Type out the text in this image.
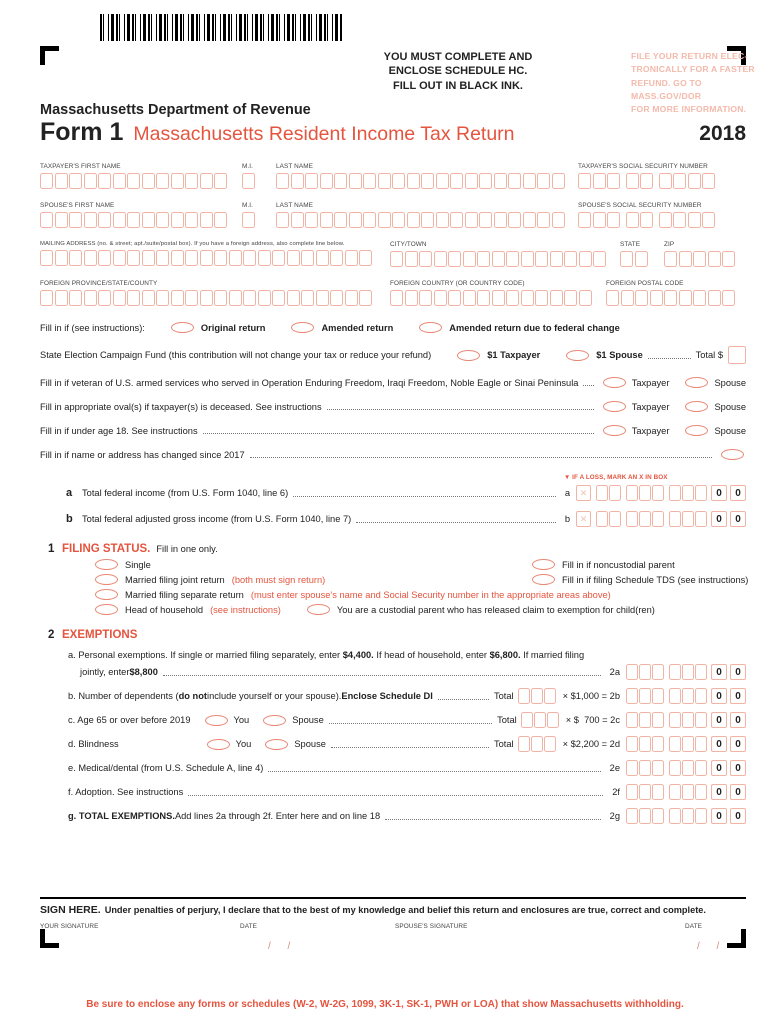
YOU MUST COMPLETE AND
ENCLOSE SCHEDULE HC.
FILL OUT IN BLACK INK.
FILE YOUR RETURN ELEC-
TRONICALLY FOR A FASTER
REFUND. GO TO MASS.GOV/DOR
FOR MORE INFORMATION.
Massachusetts Department of Revenue
Form 1 Massachusetts Resident Income Tax Return	2018
TAXPAYER'S FIRST NAME	M.I.	LAST NAME	TAXPAYER'S SOCIAL SECURITY NUMBER
SPOUSE'S FIRST NAME	M.I.	LAST NAME	SPOUSE'S SOCIAL SECURITY NUMBER
MAILING ADDRESS (no. & street; apt./suite/postal box). If you have a foreign address, also complete line below.	CITY/TOWN	STATE	ZIP
FOREIGN PROVINCE/STATE/COUNTY	FOREIGN COUNTRY (OR COUNTRY CODE)	FOREIGN POSTAL CODE
Fill in if (see instructions):	Original return	Amended return	Amended return due to federal change
State Election Campaign Fund (this contribution will not change your tax or reduce your refund)	$1 Taxpayer	$1 Spouse	Total $
Fill in if veteran of U.S. armed services who served in Operation Enduring Freedom, Iraqi Freedom, Noble Eagle or Sinai Peninsula	Taxpayer	Spouse
Fill in appropriate oval(s) if taxpayer(s) is deceased. See instructions	Taxpayer	Spouse
Fill in if under age 18. See instructions	Taxpayer	Spouse
Fill in if name or address has changed since 2017
▼ IF A LOSS, MARK AN X IN BOX
a	Total federal income (from U.S. Form 1040, line 6)	a	✕	0	0
b Total federal adjusted gross income (from U.S. Form 1040, line 7)	b	✕	0	0
1 FILING STATUS. Fill in one only.
Single	Fill in if noncustodial parent
Married filing joint return (both must sign return)	Fill in if filing Schedule TDS (see instructions)
Married filing separate return (must enter spouse's name and Social Security number in the appropriate areas above)
Head of household (see instructions)	You are a custodial parent who has released claim to exemption for child(ren)
2 EXEMPTIONS
a. Personal exemptions. If single or married filing separately, enter $4,400. If head of household, enter $6,800. If married filing
jointly, enter $8,800	2a	0	0
b. Number of dependents ( do not include yourself or your spouse). Enclose Schedule DI	Total	× $1,000 = 2b	0	0
c. Age 65 or over before 2019	You	Spouse	Total	× $  700 = 2c	0	0
d. Blindness	You	Spouse	Total	× $2,200 = 2d	0	0
e. Medical/dental (from U.S. Schedule A, line 4)	2e	0	0
f. Adoption. See instructions	2f	0	0
g. TOTAL EXEMPTIONS. Add lines 2a through 2f. Enter here and on line 18	2g	0	0
SIGN HERE. Under penalties of perjury, I declare that to the best of my knowledge and belief this return and enclosures are true, correct and complete.
YOUR SIGNATURE	DATE
/      /
SPOUSE'S SIGNATURE	DATE
/      /
Be sure to enclose any forms or schedules (W-2, W-2G, 1099, 3K-1, SK-1, PWH or LOA) that show Massachusetts withholding.
